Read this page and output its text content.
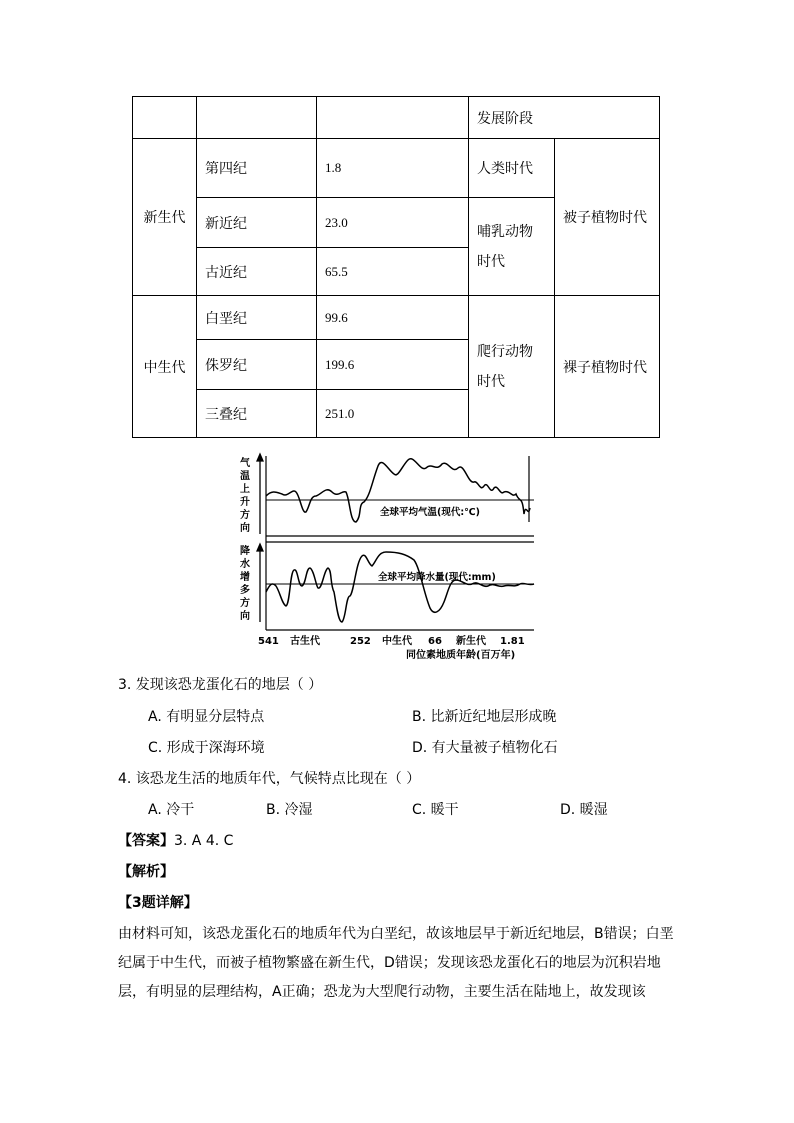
			发展阶段	
新生代	第四纪	1.8	人类时代	被子植物时代
	新近纪	23.0	哺乳动物时代	
	古近纪	65.5		
中生代	白垩纪	99.6	爬行动物时代	裸子植物时代
	侏罗纪	199.6		
	三叠纪	251.0		
气
温
上
升
方
向
降
水
增
多
方
向
全球平均气温(现代:℃)
全球平均降水量(现代:mm)
541 古生代	252 中生代 66 新生代 1.81
同位素地质年龄(百万年)
3. 发现该恐龙蛋化石的地层（ ）
A. 有明显分层特点	B. 比新近纪地层形成晚
C. 形成于深海环境	D. 有大量被子植物化石
4. 该恐龙生活的地质年代，气候特点比现在（ ）
A. 冷干	B. 冷湿	C. 暖干	D. 暖湿
【答案】3. A 4. C
【解析】
【3题详解】
由材料可知，该恐龙蛋化石的地质年代为白垩纪，故该地层早于新近纪地层，B错误；白垩纪属于中生代，而被子植物繁盛在新生代，D错误；发现该恐龙蛋化石的地层为沉积岩地层，有明显的层理结构，A正确；恐龙为大型爬行动物，主要生活在陆地上，故发现该
